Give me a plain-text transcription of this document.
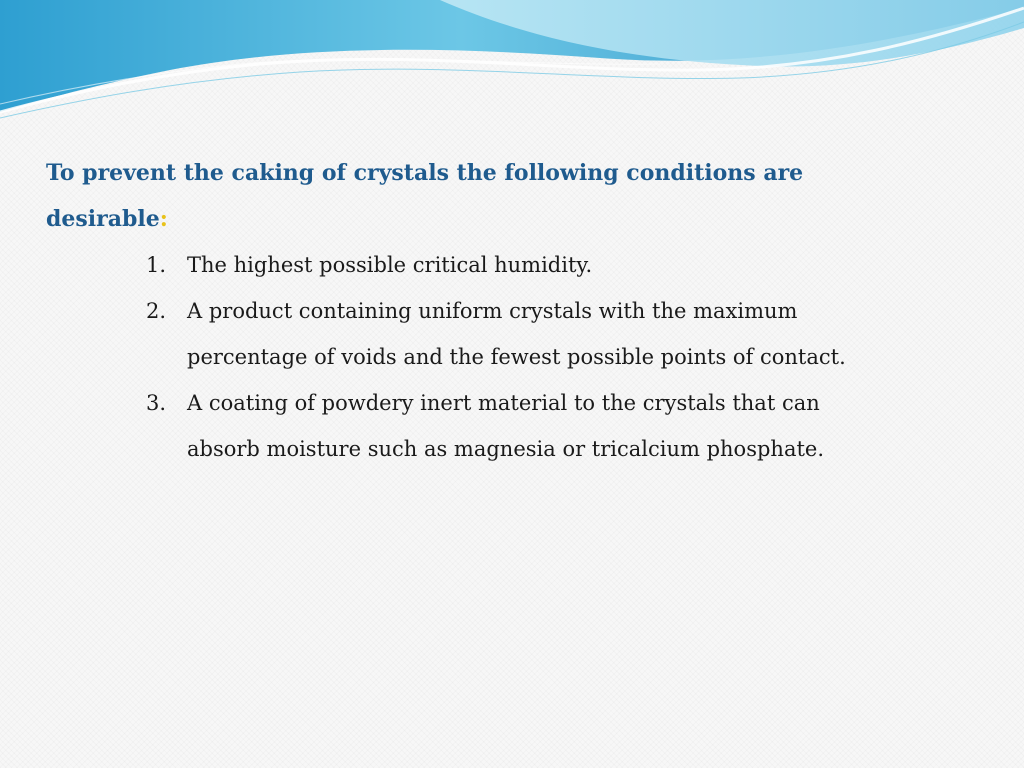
To prevent the caking of crystals the following conditions are desirable:

1. The highest possible critical humidity.
2. A product containing uniform crystals with the maximum percentage of voids and the fewest possible points of contact.
3. A coating of powdery inert material to the crystals that can absorb moisture such as magnesia or tricalcium phosphate.
